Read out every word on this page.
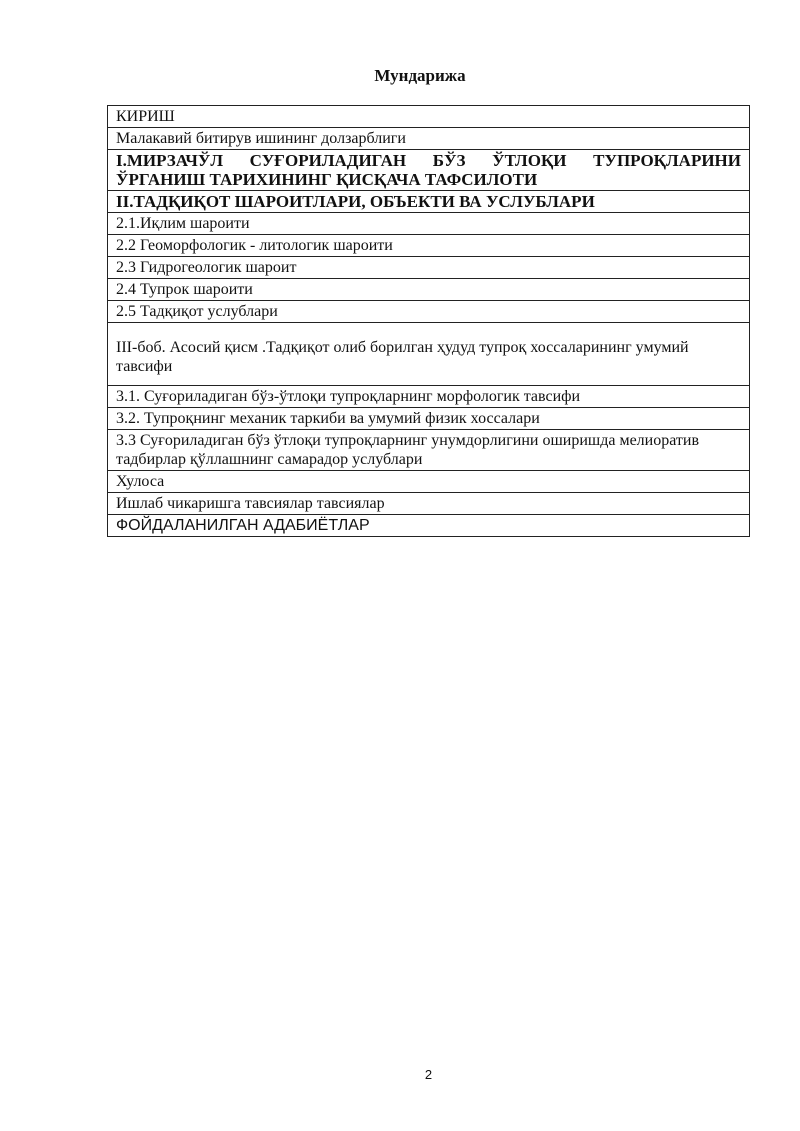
Мундарижа
КИРИШ
Малакавий битирув ишининг долзарблиги
I.МИРЗАЧЎЛ СУҒОРИЛАДИГАН БЎЗ ЎТЛОҚИ ТУПРОҚЛАРИНИ ЎРГАНИШ ТАРИХИНИНГ ҚИСҚАЧА ТАФСИЛОТИ
II.ТАДҚИҚОТ ШАРОИТЛАРИ, ОБЪЕКТИ ВА УСЛУБЛАРИ
2.1.Иқлим шароити
2.2 Геоморфологик - литологик шароити
2.3 Гидрогеологик шароит
2.4 Тупрок шароити
2.5 Тадқиқот услублари
III-боб. Асосий қисм .Тадқиқот олиб борилган ҳудуд тупроқ хоссаларининг умумий тавсифи
3.1. Суғориладиган бўз-ўтлоқи тупроқларнинг морфологик тавсифи
3.2. Тупроқнинг механик таркиби ва умумий физик хоссалари
3.3 Суғориладиган бўз ўтлоқи тупроқларнинг унумдорлигини оширишда мелиоратив тадбирлар қўллашнинг самарадор услублари
Хулоса
Ишлаб чикаришга тавсиялар тавсиялар
ФОЙДАЛАНИЛГАН АДАБИЁТЛАР
2
